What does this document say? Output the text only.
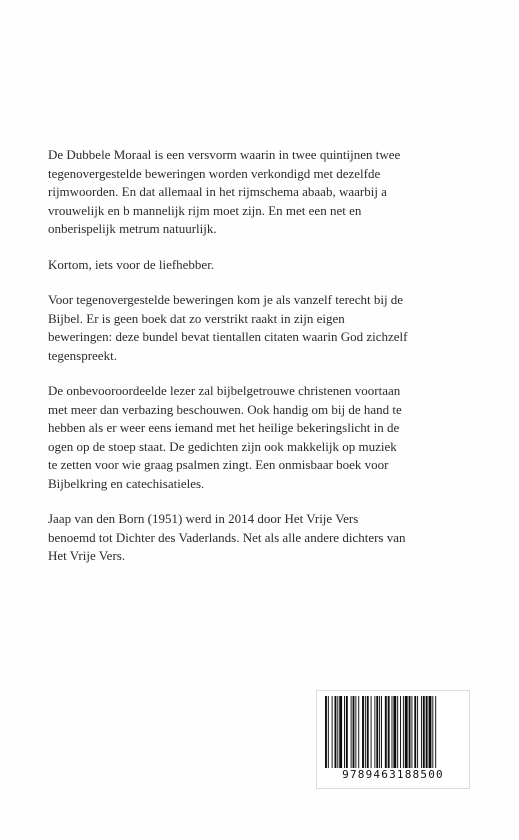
De Dubbele Moraal is een versvorm waarin in twee quintijnen twee
tegenovergestelde beweringen worden verkondigd met dezelfde
rijmwoorden. En dat allemaal in het rijmschema abaab, waarbij a
vrouwelijk en b mannelijk rijm moet zijn. En met een net en
onberispelijk metrum natuurlijk.

Kortom, iets voor de liefhebber.

Voor tegenovergestelde beweringen kom je als vanzelf terecht bij de
Bijbel. Er is geen boek dat zo verstrikt raakt in zijn eigen
beweringen: deze bundel bevat tientallen citaten waarin God zichzelf
tegenspreekt.

De onbevooroordeelde lezer zal bijbelgetrouwe christenen voortaan
met meer dan verbazing beschouwen. Ook handig om bij de hand te
hebben als er weer eens iemand met het heilige bekeringslicht in de
ogen op de stoep staat. De gedichten zijn ook makkelijk op muziek
te zetten voor wie graag psalmen zingt. Een onmisbaar boek voor
Bijbelkring en catechisatieles.

Jaap van den Born (1951) werd in 2014 door Het Vrije Vers
benoemd tot Dichter des Vaderlands. Net als alle andere dichters van
Het Vrije Vers.

9789463188500
